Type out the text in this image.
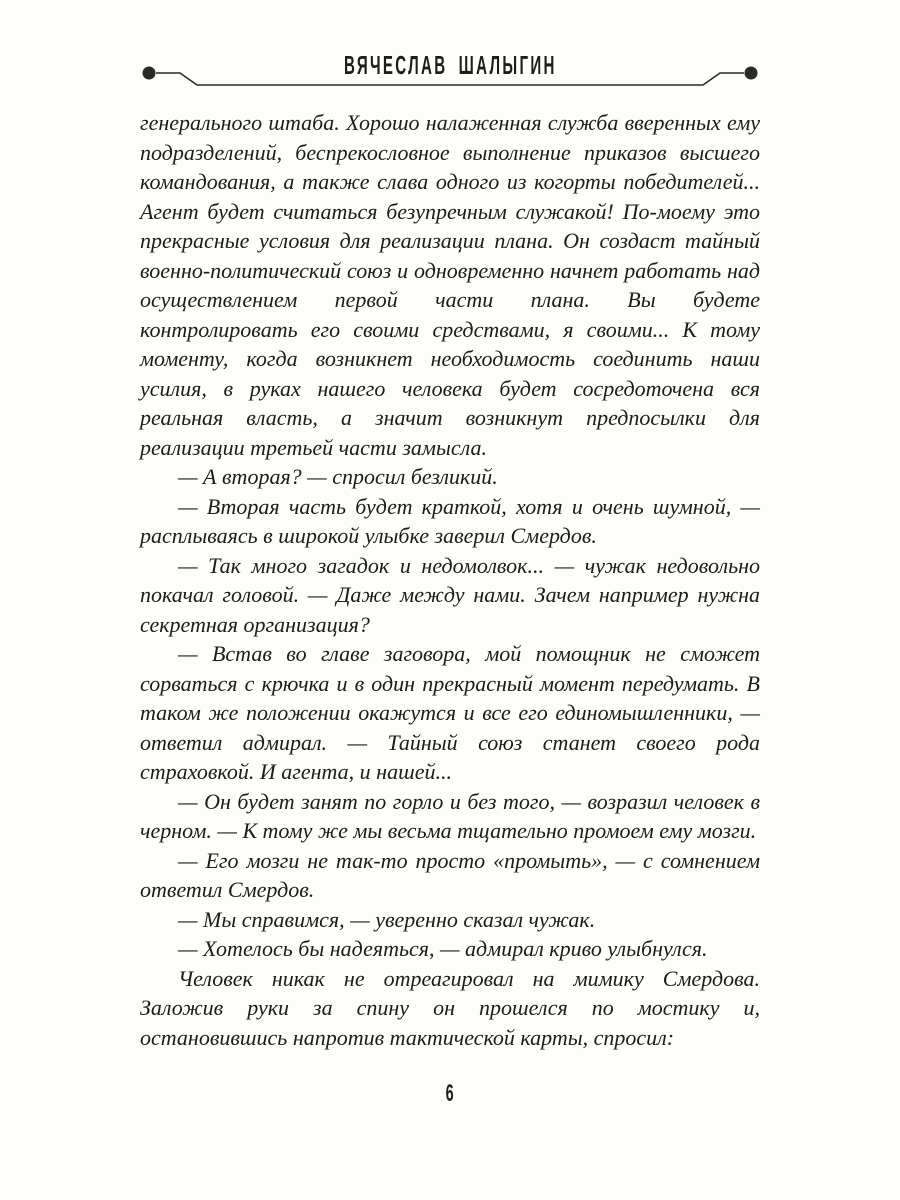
ВЯЧЕСЛАВ ШАЛЫГИН

генерального штаба. Хорошо налаженная служба вверенных ему подразделений, беспрекословное выполнение приказов высшего командования, а также слава одного из когорты победителей... Агент будет считаться безупречным служакой! По-моему это прекрасные условия для реализации плана. Он создаст тайный военно-политический союз и одновременно начнет работать над осуществлением первой части плана. Вы будете контролировать его своими средствами, я своими... К тому моменту, когда возникнет необходимость соединить наши усилия, в руках нашего человека будет сосредоточена вся реальная власть, а значит возникнут предпосылки для реализации третьей части замысла.

— А вторая? — спросил безликий.

— Вторая часть будет краткой, хотя и очень шумной, — расплываясь в широкой улыбке заверил Смердов.

— Так много загадок и недомолвок... — чужак недовольно покачал головой. — Даже между нами. Зачем например нужна секретная организация?

— Встав во главе заговора, мой помощник не сможет сорваться с крючка и в один прекрасный момент передумать. В таком же положении окажутся и все его единомышленники, — ответил адмирал. — Тайный союз станет своего рода страховкой. И агента, и нашей...

— Он будет занят по горло и без того, — возразил человек в черном. — К тому же мы весьма тщательно промоем ему мозги.

— Его мозги не так-то просто «промыть», — с сомнением ответил Смердов.

— Мы справимся, — уверенно сказал чужак.

— Хотелось бы надеяться, — адмирал криво улыбнулся.

Человек никак не отреагировал на мимику Смердова. Заложив руки за спину он прошелся по мостику и, остановившись напротив тактической карты, спросил:

6
